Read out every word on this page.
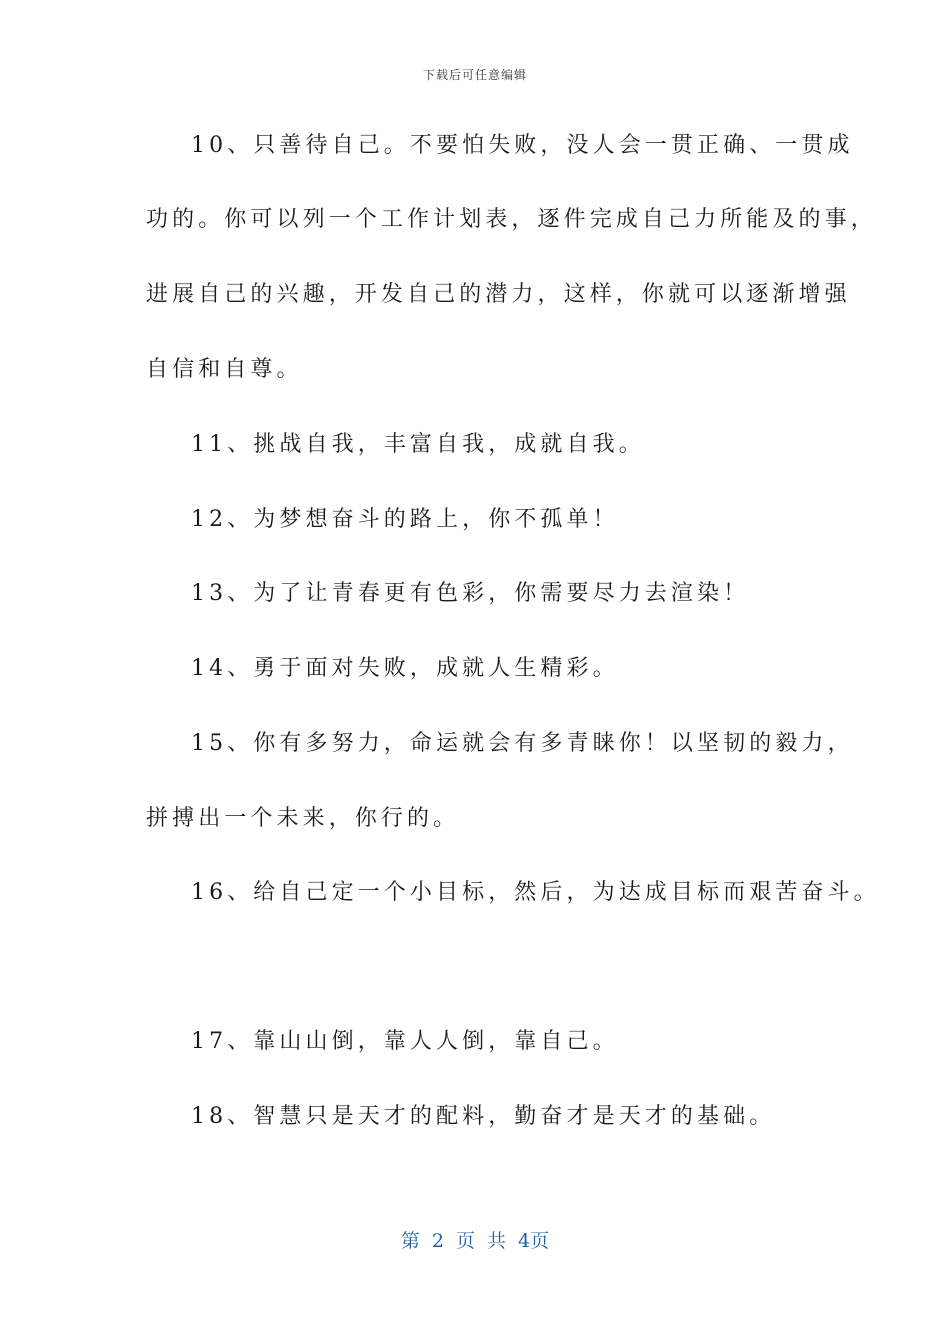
下载后可任意编辑
10、只善待自己。不要怕失败，没人会一贯正确、一贯成
功的。你可以列一个工作计划表，逐件完成自己力所能及的事，
进展自己的兴趣，开发自己的潜力，这样，你就可以逐渐增强
自信和自尊。
11、挑战自我，丰富自我，成就自我。
12、为梦想奋斗的路上，你不孤单！
13、为了让青春更有色彩，你需要尽力去渲染！
14、勇于面对失败，成就人生精彩。
15、你有多努力，命运就会有多青睐你！以坚韧的毅力，
拼搏出一个未来，你行的。
16、给自己定一个小目标，然后，为达成目标而艰苦奋斗。
17、靠山山倒，靠人人倒，靠自己。
18、智慧只是天才的配料，勤奋才是天才的基础。
第 2 页 共 4页
